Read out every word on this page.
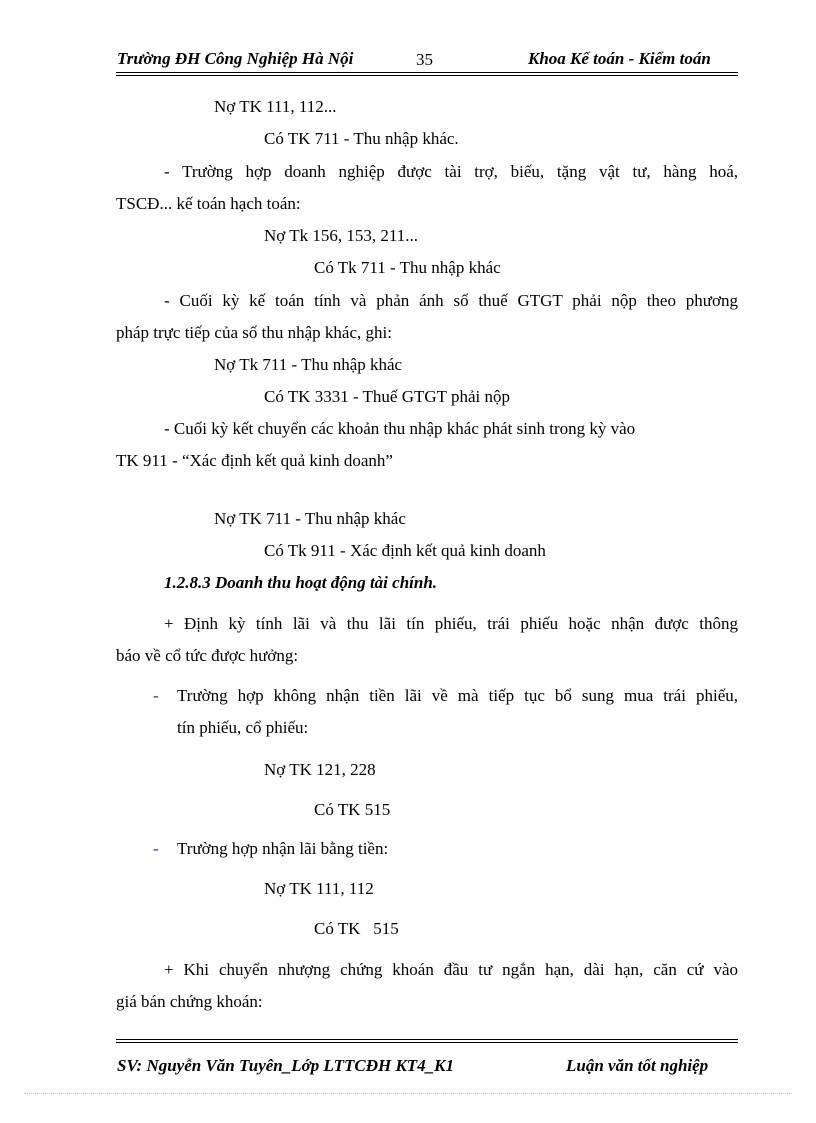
Trường ĐH Công Nghiệp Hà Nội	35	Khoa Kế toán - Kiểm toán
Nợ TK 111, 112...
Có TK 711 - Thu nhập khác.
- Trường hợp doanh nghiệp được tài trợ, biếu, tặng vật tư, hàng hoá,
TSCĐ... kế toán hạch toán:
Nợ Tk 156, 153, 211...
Có Tk 711 - Thu nhập khác
- Cuối kỳ kế toán tính và phản ánh số thuế GTGT phải nộp theo phương
pháp trực tiếp của số thu nhập khác, ghi:
Nợ Tk 711 - Thu nhập khác
Có TK 3331 - Thuế GTGT phải nộp
- Cuối kỳ kết chuyển các khoản thu nhập khác phát sinh trong kỳ vào
TK 911 - “Xác định kết quả kinh doanh”
Nợ TK 711 - Thu nhập khác
Có Tk 911 - Xác định kết quả kinh doanh
1.2.8.3 Doanh thu hoạt động tài chính.
+ Định kỳ tính lãi và thu lãi tín phiếu, trái phiếu hoặc nhận được thông
báo về cổ tức được hưởng:
- Trường hợp không nhận tiền lãi về mà tiếp tục bổ sung mua trái phiếu,
tín phiếu, cổ phiếu:
Nợ TK 121, 228
Có TK 515
- Trường hợp nhận lãi bằng tiền:
Nợ TK 111, 112
Có TK   515
+ Khi chuyển nhượng chứng khoán đầu tư ngắn hạn, dài hạn, căn cứ vào
giá bán chứng khoán:
SV: Nguyễn Văn Tuyên_Lớp LTTCĐH KT4_K1	Luận văn tốt nghiệp
